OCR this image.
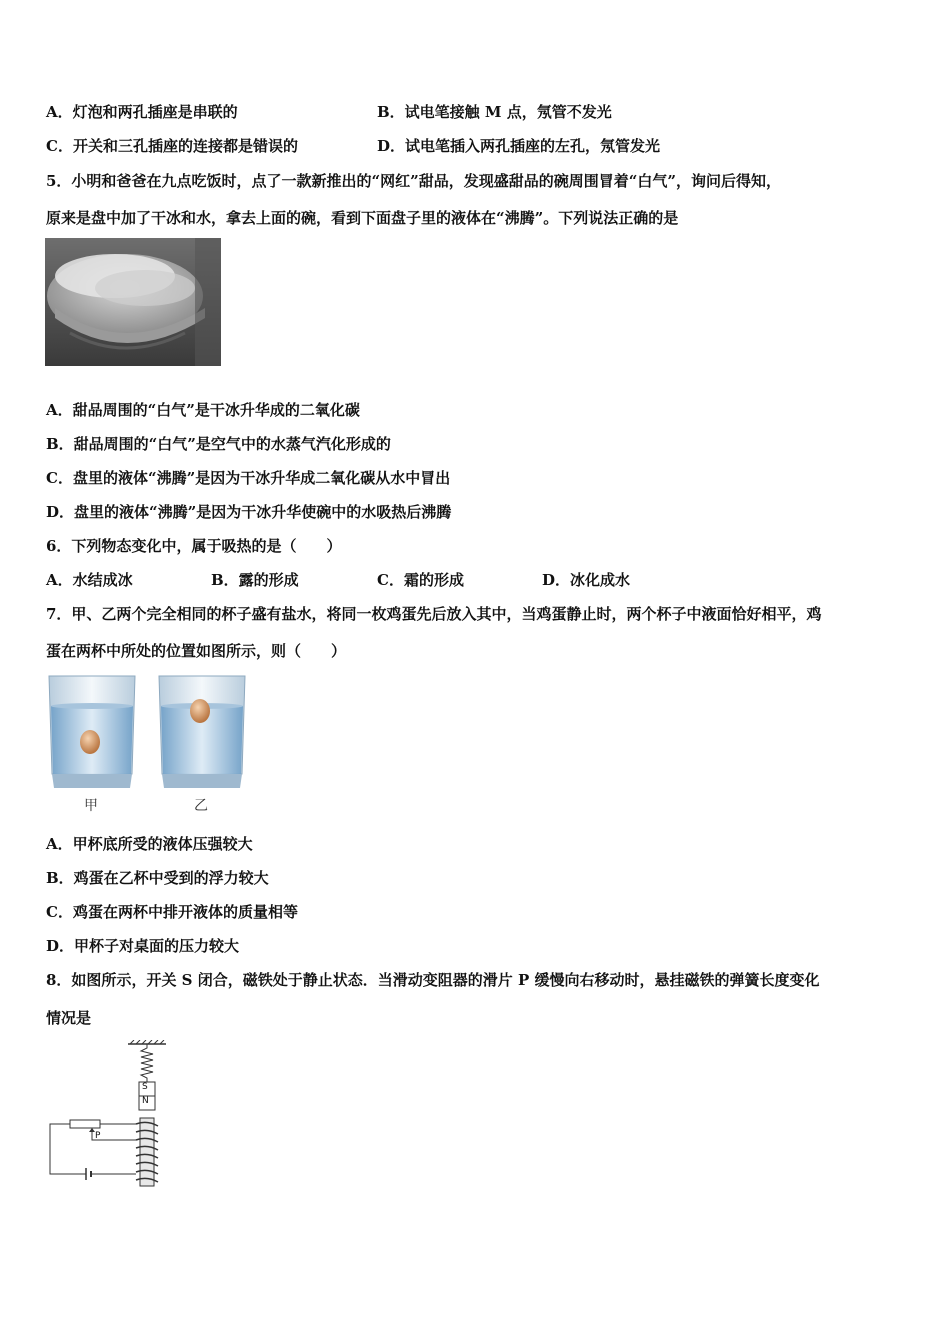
A．灯泡和两孔插座是串联的	B．试电笔接触 M 点，氖管不发光
C．开关和三孔插座的连接都是错误的	D．试电笔插入两孔插座的左孔，氖管发光
5．小明和爸爸在九点吃饭时，点了一款新推出的“网红”甜品，发现盛甜品的碗周围冒着“白气”，询问后得知，
原来是盘中加了干冰和水，拿去上面的碗，看到下面盘子里的液体在“沸腾”。下列说法正确的是
A．甜品周围的“白气”是干冰升华成的二氧化碳
B．甜品周围的“白气”是空气中的水蒸气汽化形成的
C．盘里的液体“沸腾”是因为干冰升华成二氧化碳从水中冒出
D．盘里的液体“沸腾”是因为干冰升华使碗中的水吸热后沸腾
6．下列物态变化中，属于吸热的是（　　）
A．水结成冰	B．露的形成	C．霜的形成	D．冰化成水
7．甲、乙两个完全相同的杯子盛有盐水，将同一枚鸡蛋先后放入其中，当鸡蛋静止时，两个杯子中液面恰好相平，鸡
蛋在两杯中所处的位置如图所示，则（　　）
甲	乙
A．甲杯底所受的液体压强较大
B．鸡蛋在乙杯中受到的浮力较大
C．鸡蛋在两杯中排开液体的质量相等
D．甲杯子对桌面的压力较大
8．如图所示，开关 S 闭合，磁铁处于静止状态．当滑动变阻器的滑片 P 缓慢向右移动时，悬挂磁铁的弹簧长度变化
情况是
S
N
P
